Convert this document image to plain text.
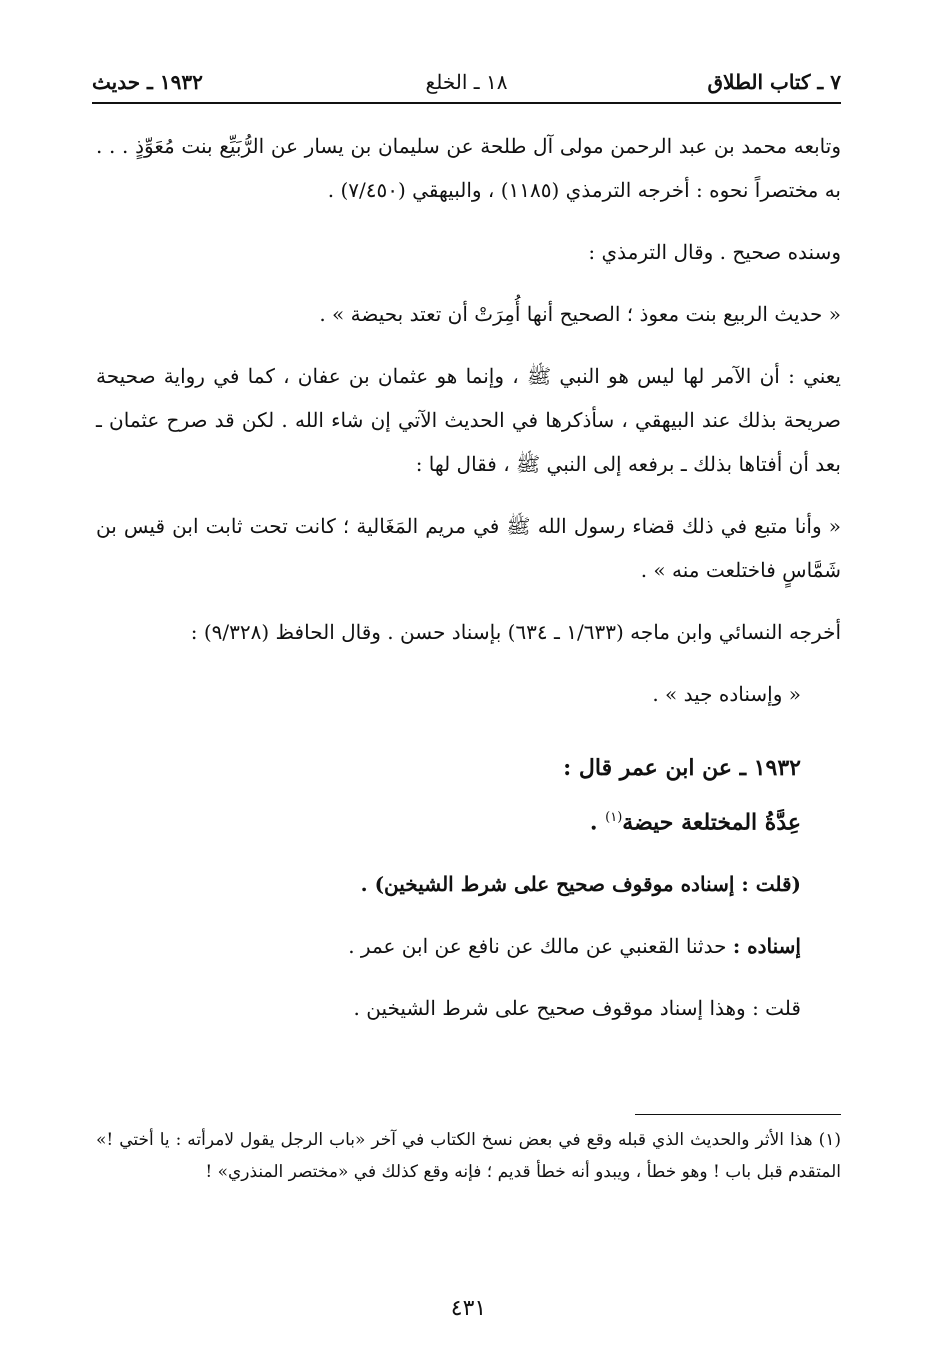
٧ ـ كتاب الطلاق
١٨ ـ الخلع
١٩٣٢ ـ حديث

وتابعه محمد بن عبد الرحمن مولى آل طلحة عن سليمان بن يسار عن الرُّبَيِّع بنت مُعَوِّذٍ . . . به مختصراً نحوه : أخرجه الترمذي (١١٨٥) ، والبيهقي (٧/٤٥٠) .

وسنده صحيح . وقال الترمذي :

« حديث الربيع بنت معوذ ؛ الصحيح أنها أُمِرَتْ أن تعتد بحيضة » .

يعني : أن الآمر لها ليس هو النبي ﷺ ، وإنما هو عثمان بن عفان ، كما في رواية صحيحة صريحة بذلك عند البيهقي ، سأذكرها في الحديث الآتي إن شاء الله . لكن قد صرح عثمان ـ بعد أن أفتاها بذلك ـ برفعه إلى النبي ﷺ ، فقال لها :

« وأنا متبع في ذلك قضاء رسول الله ﷺ في مريم المَغَالية ؛ كانت تحت ثابت ابن قيس بن شَمَّاسٍ فاختلعت منه » .

أخرجه النسائي وابن ماجه (١/٦٣٣ ـ ٦٣٤) بإسناد حسن . وقال الحافظ (٩/٣٢٨) :

« وإسناده جيد » .

١٩٣٢ ـ عن ابن عمر قال :

عِدَّةُ المختلعة حيضة$^{(١)}$ .

(قلت : إسناده موقوف صحيح على شرط الشيخين) .

إسناده : حدثنا القعنبي عن مالك عن نافع عن ابن عمر .

قلت : وهذا إسناد موقوف صحيح على شرط الشيخين .

(١) هذا الأثر والحديث الذي قبله وقع في بعض نسخ الكتاب في آخر «باب الرجل يقول لامرأته : يا أختي !» المتقدم قبل باب ! وهو خطأ ، ويبدو أنه خطأ قديم ؛ فإنه وقع كذلك في «مختصر المنذري» !

٤٣١
